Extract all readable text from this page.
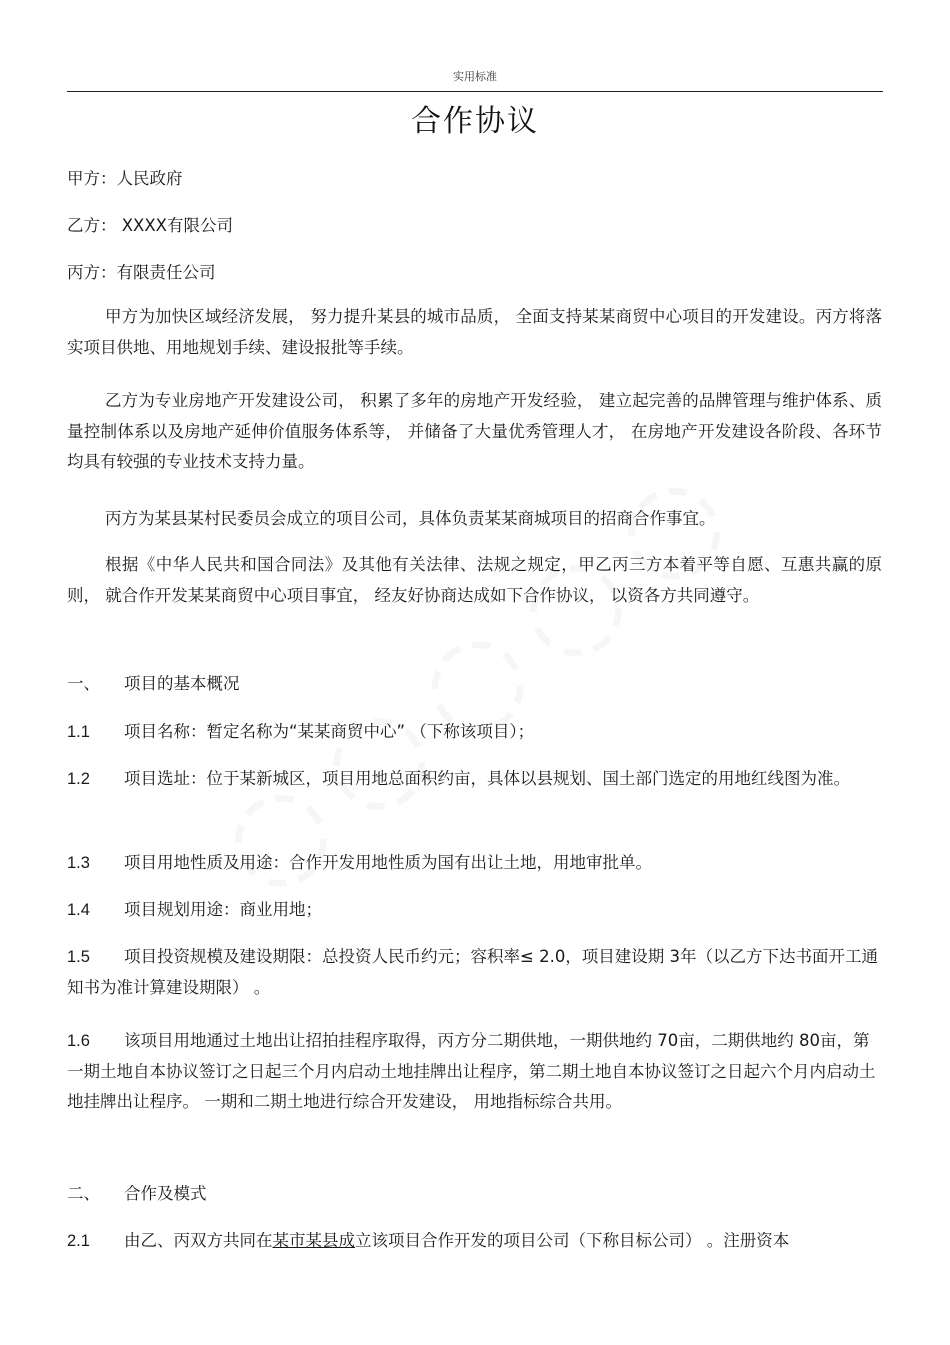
实用标准
合作协议
甲方：人民政府
乙方： XXXX有限公司
丙方：有限责任公司
甲方为加快区域经济发展， 努力提升某县的城市品质， 全面支持某某商贸中心项目的开发建设。丙方将落实项目供地、用地规划手续、建设报批等手续。
乙方为专业房地产开发建设公司， 积累了多年的房地产开发经验， 建立起完善的品牌管理与维护体系、质量控制体系以及房地产延伸价值服务体系等， 并储备了大量优秀管理人才， 在房地产开发建设各阶段、各环节均具有较强的专业技术支持力量。
丙方为某县某村民委员会成立的项目公司，具体负责某某商城项目的招商合作事宜。
根据《中华人民共和国合同法》及其他有关法律、法规之规定，甲乙丙三方本着平等自愿、互惠共赢的原则， 就合作开发某某商贸中心项目事宜， 经友好协商达成如下合作协议， 以资各方共同遵守。
一、 项目的基本概况
1.1 项目名称：暂定名称为“某某商贸中心” （下称该项目）；
1.2 项目选址：位于某新城区，项目用地总面积约亩，具体以县规划、国土部门选定的用地红线图为准。
1.3 项目用地性质及用途：合作开发用地性质为国有出让土地，用地审批单。
1.4 项目规划用途：商业用地；
1.5 项目投资规模及建设期限：总投资人民币约元；容积率≤ 2.0，项目建设期 3年（以乙方下达书面开工通知书为准计算建设期限） 。
1.6 该项目用地通过土地出让招拍挂程序取得，丙方分二期供地，一期供地约 70亩，二期供地约 80亩，第一期土地自本协议签订之日起三个月内启动土地挂牌出让程序，第二期土地自本协议签订之日起六个月内启动土地挂牌出让程序。 一期和二期土地进行综合开发建设， 用地指标综合共用。
二、 合作及模式
2.1 由乙、丙双方共同在某市某县成立该项目合作开发的项目公司（下称目标公司） 。注册资本
